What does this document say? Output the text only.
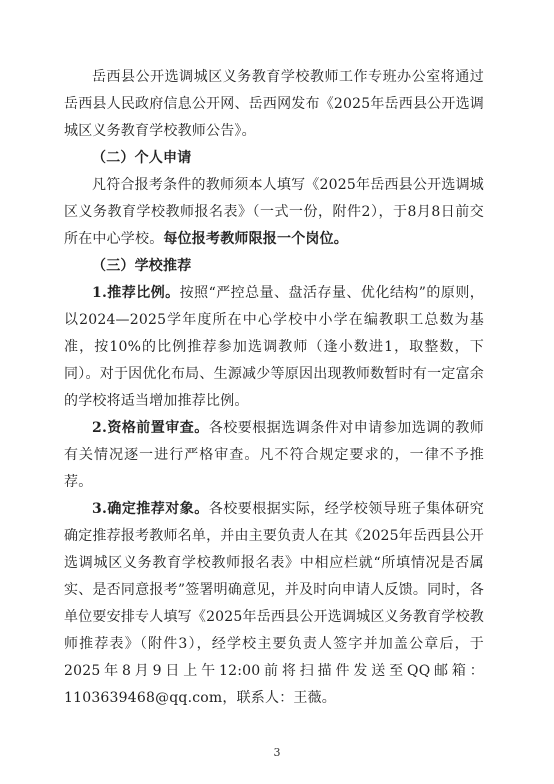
岳西县公开选调城区义务教育学校教师工作专班办公室将通过岳西县人民政府信息公开网、岳西网发布《2025年岳西县公开选调城区义务教育学校教师公告》。

（二）个人申请

凡符合报考条件的教师须本人填写《2025年岳西县公开选调城区义务教育学校教师报名表》（一式一份，附件2），于8月8日前交所在中心学校。每位报考教师限报一个岗位。

（三）学校推荐

1.推荐比例。按照“严控总量、盘活存量、优化结构”的原则，以2024—2025学年度所在中心学校中小学在编教职工总数为基准，按10%的比例推荐参加选调教师（逢小数进1，取整数，下同）。对于因优化布局、生源减少等原因出现教师数暂时有一定富余的学校将适当增加推荐比例。

2.资格前置审查。各校要根据选调条件对申请参加选调的教师有关情况逐一进行严格审查。凡不符合规定要求的，一律不予推荐。

3.确定推荐对象。各校要根据实际，经学校领导班子集体研究确定推荐报考教师名单，并由主要负责人在其《2025年岳西县公开选调城区义务教育学校教师报名表》中相应栏就“所填情况是否属实、是否同意报考”签署明确意见，并及时向申请人反馈。同时，各单位要安排专人填写《2025年岳西县公开选调城区义务教育学校教师推荐表》（附件3），经学校主要负责人签字并加盖公章后，于2025年8月9日上午12:00前将扫描件发送至QQ邮箱：1103639468@qq.com，联系人：王薇。

3
